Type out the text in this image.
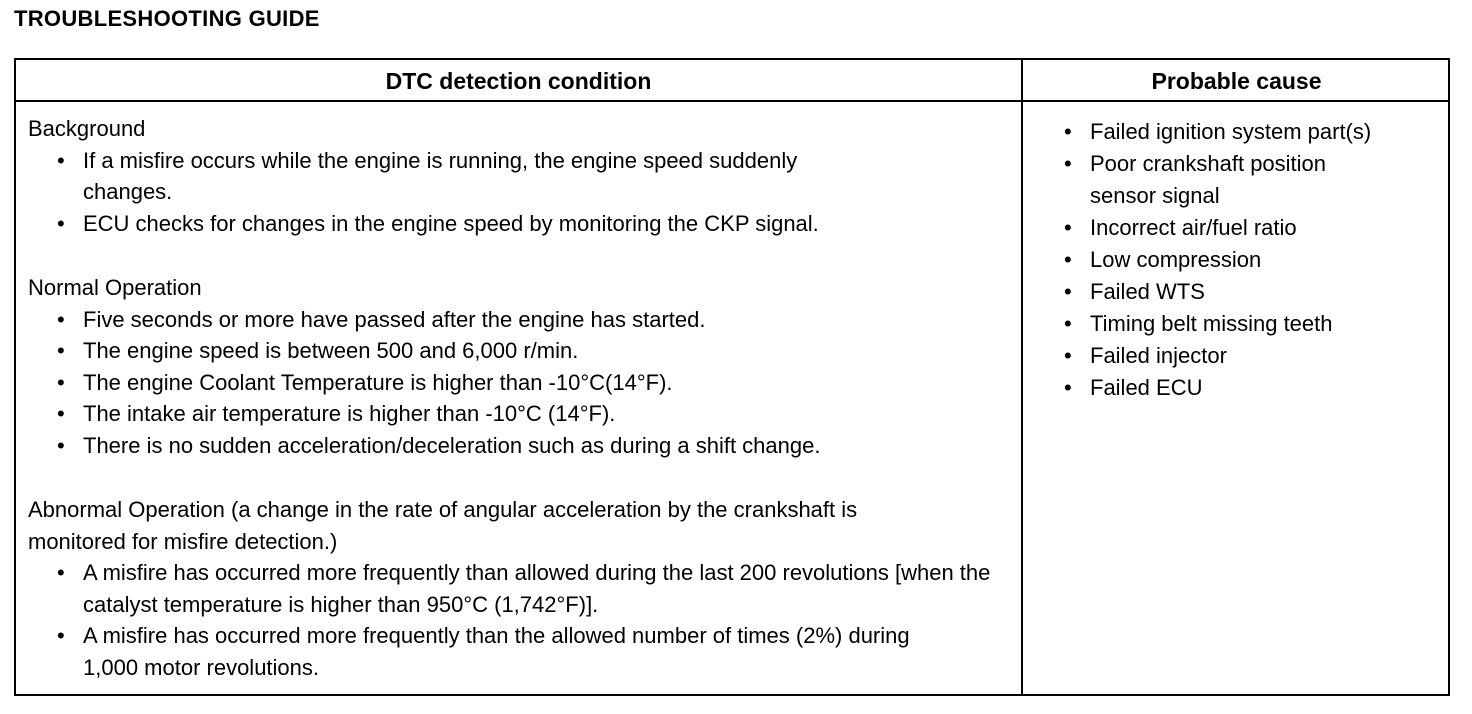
TROUBLESHOOTING GUIDE
DTC detection condition	Probable cause

Background

• If a misfire occurs while the engine is running, the engine speed suddenly changes.
• ECU checks for changes in the engine speed by monitoring the CKP signal.

Normal Operation

• Five seconds or more have passed after the engine has started.
• The engine speed is between 500 and 6,000 r/min.
• The engine Coolant Temperature is higher than -10°C(14°F).
• The intake air temperature is higher than -10°C (14°F).
• There is no sudden acceleration/deceleration such as during a shift change.

Abnormal Operation (a change in the rate of angular acceleration by the crankshaft is monitored for misfire detection.)

• A misfire has occurred more frequently than allowed during the last 200 revolutions [when the catalyst temperature is higher than 950°C (1,742°F)].
• A misfire has occurred more frequently than the allowed number of times (2%) during 1,000 motor revolutions.
• Failed ignition system part(s)
• Poor crankshaft position sensor signal
• Incorrect air/fuel ratio
• Low compression
• Failed WTS
• Timing belt missing teeth
• Failed injector
• Failed ECU
